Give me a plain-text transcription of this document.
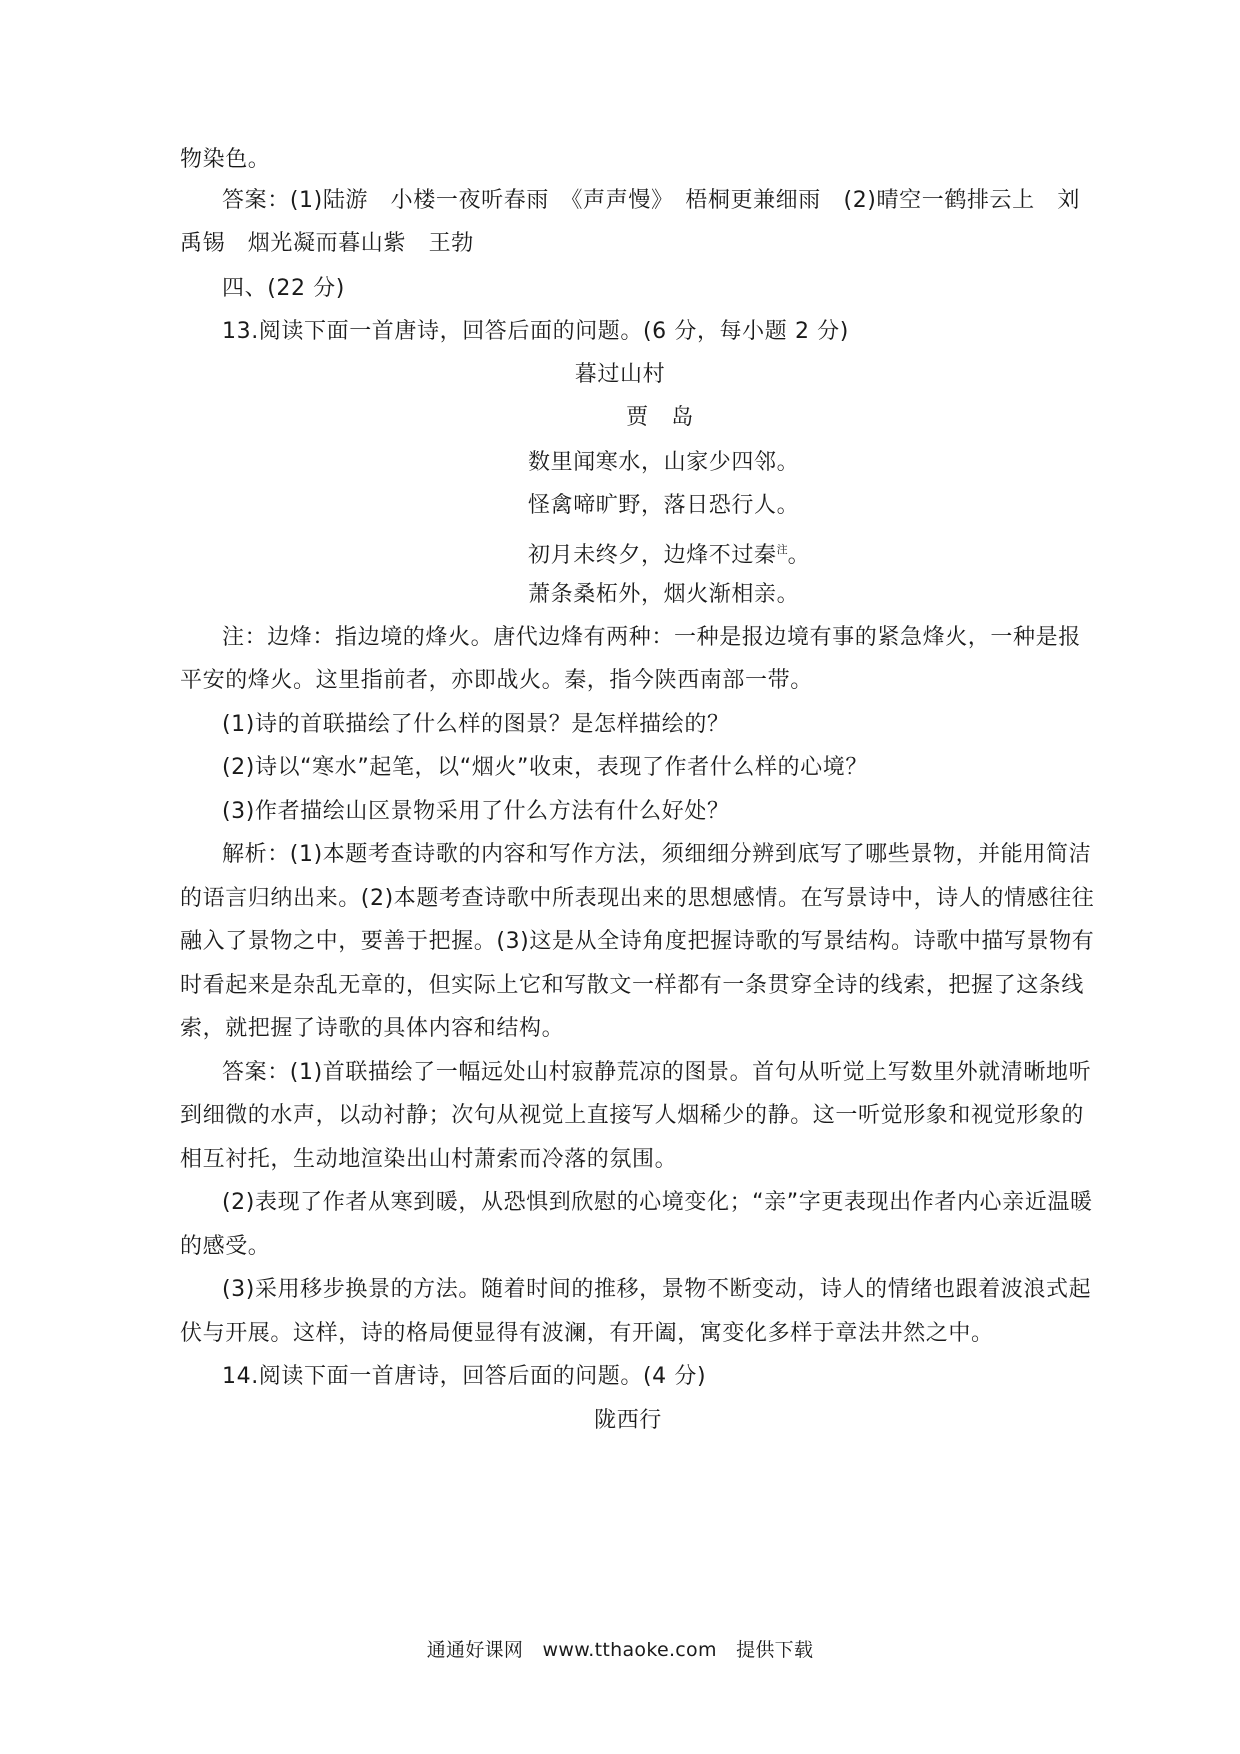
物染色。
答案：(1)陆游　小楼一夜听春雨　《声声慢》　梧桐更兼细雨　(2)晴空一鹤排云上　刘
禹锡　烟光凝而暮山紫　王勃
四、(22 分)
13.阅读下面一首唐诗，回答后面的问题。(6 分，每小题 2 分)
暮过山村
贾　岛
数里闻寒水，山家少四邻。
怪禽啼旷野，落日恐行人。
初月未终夕，边烽不过秦$^注$。
萧条桑柘外，烟火渐相亲。
注：边烽：指边境的烽火。唐代边烽有两种：一种是报边境有事的紧急烽火，一种是报
平安的烽火。这里指前者，亦即战火。秦，指今陕西南部一带。
(1)诗的首联描绘了什么样的图景？是怎样描绘的？
(2)诗以“寒水”起笔，以“烟火”收束，表现了作者什么样的心境？
(3)作者描绘山区景物采用了什么方法有什么好处？
解析：(1)本题考查诗歌的内容和写作方法，须细细分辨到底写了哪些景物，并能用简洁
的语言归纳出来。(2)本题考查诗歌中所表现出来的思想感情。在写景诗中，诗人的情感往往
融入了景物之中，要善于把握。(3)这是从全诗角度把握诗歌的写景结构。诗歌中描写景物有
时看起来是杂乱无章的，但实际上它和写散文一样都有一条贯穿全诗的线索，把握了这条线
索，就把握了诗歌的具体内容和结构。
答案：(1)首联描绘了一幅远处山村寂静荒凉的图景。首句从听觉上写数里外就清晰地听
到细微的水声，以动衬静；次句从视觉上直接写人烟稀少的静。这一听觉形象和视觉形象的
相互衬托，生动地渲染出山村萧索而冷落的氛围。
(2)表现了作者从寒到暖，从恐惧到欣慰的心境变化；“亲”字更表现出作者内心亲近温暖
的感受。
(3)采用移步换景的方法。随着时间的推移，景物不断变动，诗人的情绪也跟着波浪式起
伏与开展。这样，诗的格局便显得有波澜，有开阖，寓变化多样于章法井然之中。
14.阅读下面一首唐诗，回答后面的问题。(4 分)
陇西行
通通好课网　www.tthaoke.com　提供下载
